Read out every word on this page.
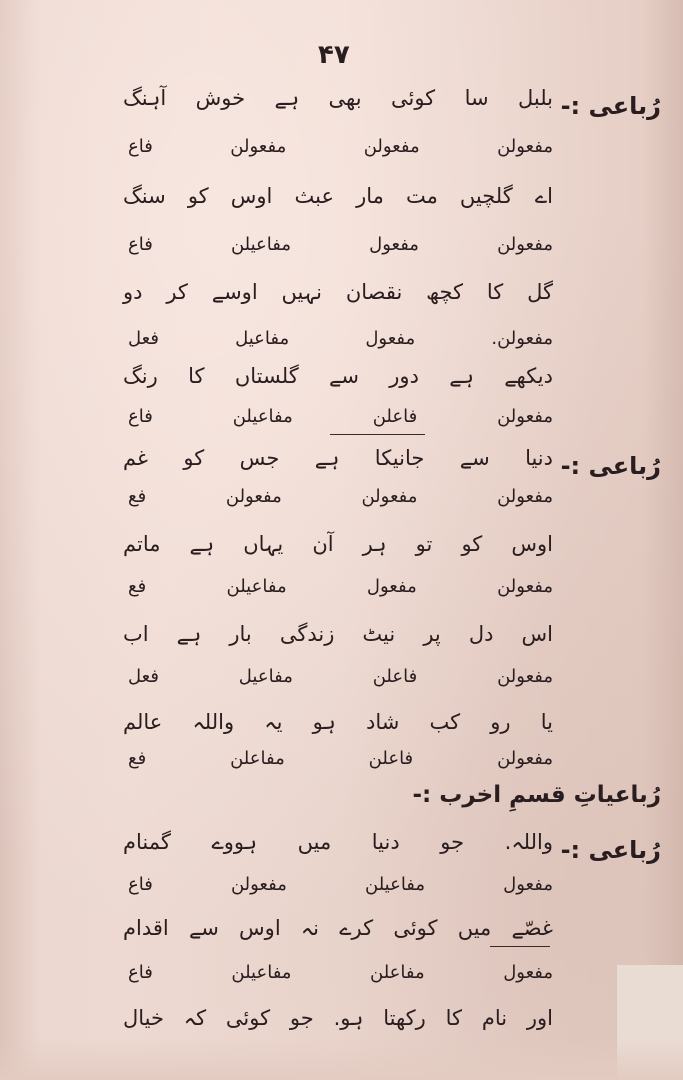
۴۷
رُباعی :-
بلبل سا کوئی بھی ہے خوش آہنگ
مفعولن مفعولن مفعولن فاع
اے گلچیں مت مار عبث اوس کو سنگ
مفعولن مفعول مفاعیلن فاع
گل کا کچھ نقصان نہیں اوسے کر دو
مفعولن. مفعول مفاعیل فعل
دیکھے ہے دور سے گلستاں کا رنگ
مفعولن فاعلن مفاعیلن فاع
رُباعی :-
دنیا سے جانیکا ہے جس کو غم
مفعولن مفعولن مفعولن فع
اوس کو تو ہر آن یہاں ہے ماتم
مفعولن مفعول مفاعیلن فع
اس دل پر نیٹ زندگی بار ہے اب
مفعولن فاعلن مفاعیل فعل
یا رو کب شاد ہو یہ واللہ عالم
مفعولن فاعلن مفاعلن فع
رُباعیاتِ قسمِ اخرب :-
رُباعی :-
واللہ. جو دنیا میں ہووے گمنام
مفعول مفاعیلن مفعولن فاع
غصّے میں کوئی کرے نہ اوس سے اقدام
مفعول مفاعلن مفاعیلن فاع
اور نام کا رکھتا ہو. جو کوئی کہ خیال
